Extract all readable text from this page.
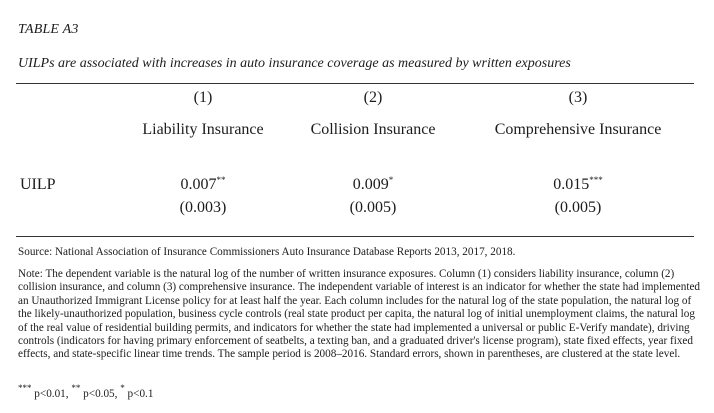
TABLE A3
UILPs are associated with increases in auto insurance coverage as measured by written exposures
(1)	(2)	(3)
Liability Insurance	Collision Insurance	Comprehensive Insurance
UILP	0.007**	0.009*	0.015***
(0.003)	(0.005)	(0.005)
Source: National Association of Insurance Commissioners Auto Insurance Database Reports 2013, 2017, 2018.
Note: The dependent variable is the natural log of the number of written insurance exposures. Column (1) considers liability insurance, column (2) collision insurance, and column (3) comprehensive insurance. The independent variable of interest is an indicator for whether the state had implemented an Unauthorized Immigrant License policy for at least half the year. Each column includes for the natural log of the state population, the natural log of the likely-unauthorized population, business cycle controls (real state product per capita, the natural log of initial unemployment claims, the natural log of the real value of residential building permits, and indicators for whether the state had implemented a universal or public E-Verify mandate), driving controls (indicators for having primary enforcement of seatbelts, a texting ban, and a graduated driver's license program), state fixed effects, year fixed effects, and state-specific linear time trends. The sample period is 2008–2016. Standard errors, shown in parentheses, are clustered at the state level.
*** p<0.01, ** p<0.05, * p<0.1
